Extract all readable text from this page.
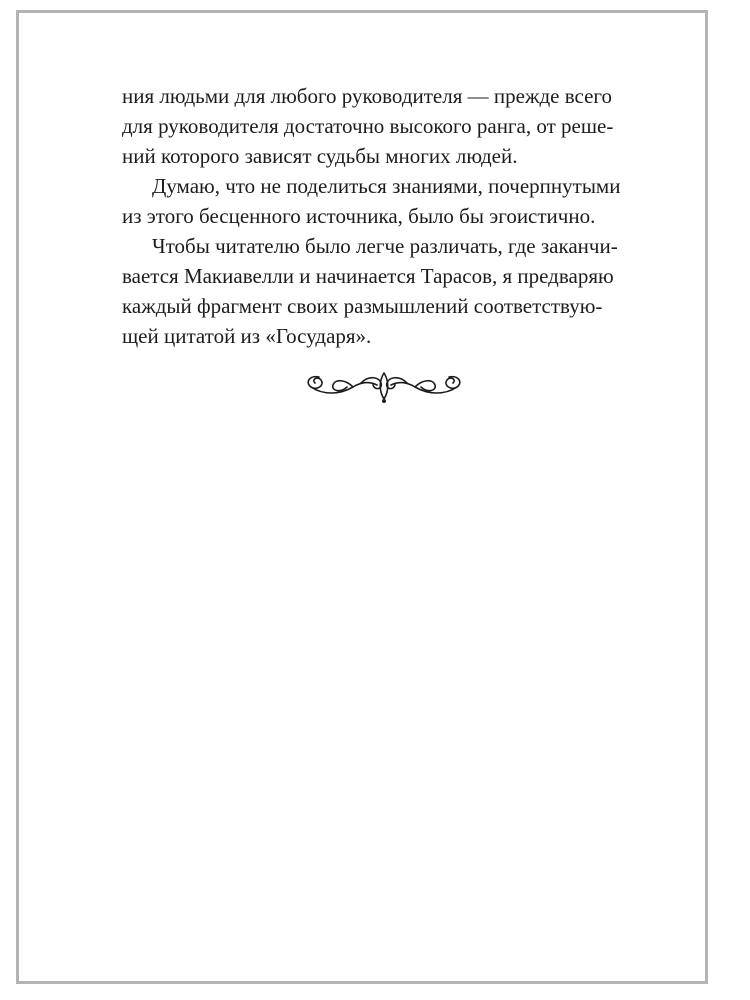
ния людьми для любого руководителя — прежде всего
для руководителя достаточно высокого ранга, от реше-
ний которого зависят судьбы многих людей.
Думаю, что не поделиться знаниями, почерпнутыми
из этого бесценного источника, было бы эгоистично.
Чтобы читателю было легче различать, где заканчи-
вается Макиавелли и начинается Тарасов, я предваряю
каждый фрагмент своих размышлений соответствую-
щей цитатой из «Государя».
